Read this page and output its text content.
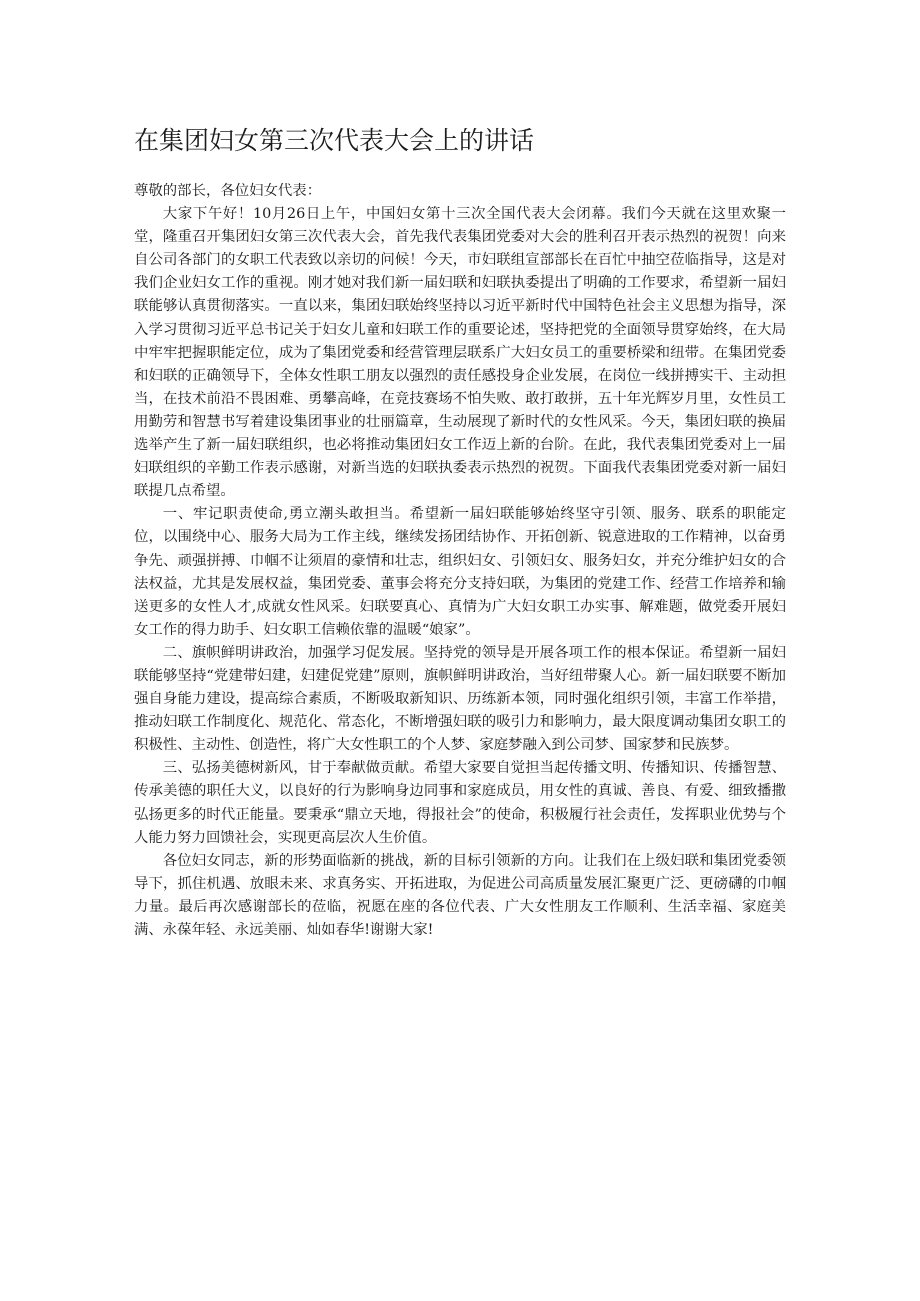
在集团妇女第三次代表大会上的讲话

尊敬的部长，各位妇女代表：

大家下午好！10月26日上午，中国妇女第十三次全国代表大会闭幕。我们今天就在这里欢聚一堂，隆重召开集团妇女第三次代表大会，首先我代表集团党委对大会的胜利召开表示热烈的祝贺！向来自公司各部门的女职工代表致以亲切的问候！今天，市妇联组宣部部长在百忙中抽空莅临指导，这是对我们企业妇女工作的重视。刚才她对我们新一届妇联和妇联执委提出了明确的工作要求，希望新一届妇联能够认真贯彻落实。一直以来，集团妇联始终坚持以习近平新时代中国特色社会主义思想为指导，深入学习贯彻习近平总书记关于妇女儿童和妇联工作的重要论述，坚持把党的全面领导贯穿始终，在大局中牢牢把握职能定位，成为了集团党委和经营管理层联系广大妇女员工的重要桥梁和纽带。在集团党委和妇联的正确领导下，全体女性职工朋友以强烈的责任感投身企业发展，在岗位一线拼搏实干、主动担当，在技术前沿不畏困难、勇攀高峰，在竞技赛场不怕失败、敢打敢拼，五十年光辉岁月里，女性员工用勤劳和智慧书写着建设集团事业的壮丽篇章，生动展现了新时代的女性风采。今天，集团妇联的换届选举产生了新一届妇联组织，也必将推动集团妇女工作迈上新的台阶。在此，我代表集团党委对上一届妇联组织的辛勤工作表示感谢，对新当选的妇联执委表示热烈的祝贺。下面我代表集团党委对新一届妇联提几点希望。

一、牢记职责使命,勇立潮头敢担当。希望新一届妇联能够始终坚守引领、服务、联系的职能定位，以围绕中心、服务大局为工作主线，继续发扬团结协作、开拓创新、锐意进取的工作精神，以奋勇争先、顽强拼搏、巾帼不让须眉的豪情和壮志，组织妇女、引领妇女、服务妇女，并充分维护妇女的合法权益，尤其是发展权益，集团党委、董事会将充分支持妇联，为集团的党建工作、经营工作培养和输送更多的女性人才,成就女性风采。妇联要真心、真情为广大妇女职工办实事、解难题，做党委开展妇女工作的得力助手、妇女职工信赖依靠的温暖“娘家”。

二、旗帜鲜明讲政治，加强学习促发展。坚持党的领导是开展各项工作的根本保证。希望新一届妇联能够坚持“党建带妇建，妇建促党建”原则，旗帜鲜明讲政治，当好纽带聚人心。新一届妇联要不断加强自身能力建设，提高综合素质，不断吸取新知识、历练新本领，同时强化组织引领，丰富工作举措，推动妇联工作制度化、规范化、常态化，不断增强妇联的吸引力和影响力，最大限度调动集团女职工的积极性、主动性、创造性，将广大女性职工的个人梦、家庭梦融入到公司梦、国家梦和民族梦。

三、弘扬美德树新风，甘于奉献做贡献。希望大家要自觉担当起传播文明、传播知识、传播智慧、传承美德的职任大义，以良好的行为影响身边同事和家庭成员，用女性的真诚、善良、有爱、细致播撒弘扬更多的时代正能量。要秉承“鼎立天地，得报社会”的使命，积极履行社会责任，发挥职业优势与个人能力努力回馈社会，实现更高层次人生价值。

各位妇女同志，新的形势面临新的挑战，新的目标引领新的方向。让我们在上级妇联和集团党委领导下，抓住机遇、放眼未来、求真务实、开拓进取，为促进公司高质量发展汇聚更广泛、更磅礴的巾帼力量。最后再次感谢部长的莅临，祝愿在座的各位代表、广大女性朋友工作顺利、生活幸福、家庭美满、永葆年轻、永远美丽、灿如春华!谢谢大家!
